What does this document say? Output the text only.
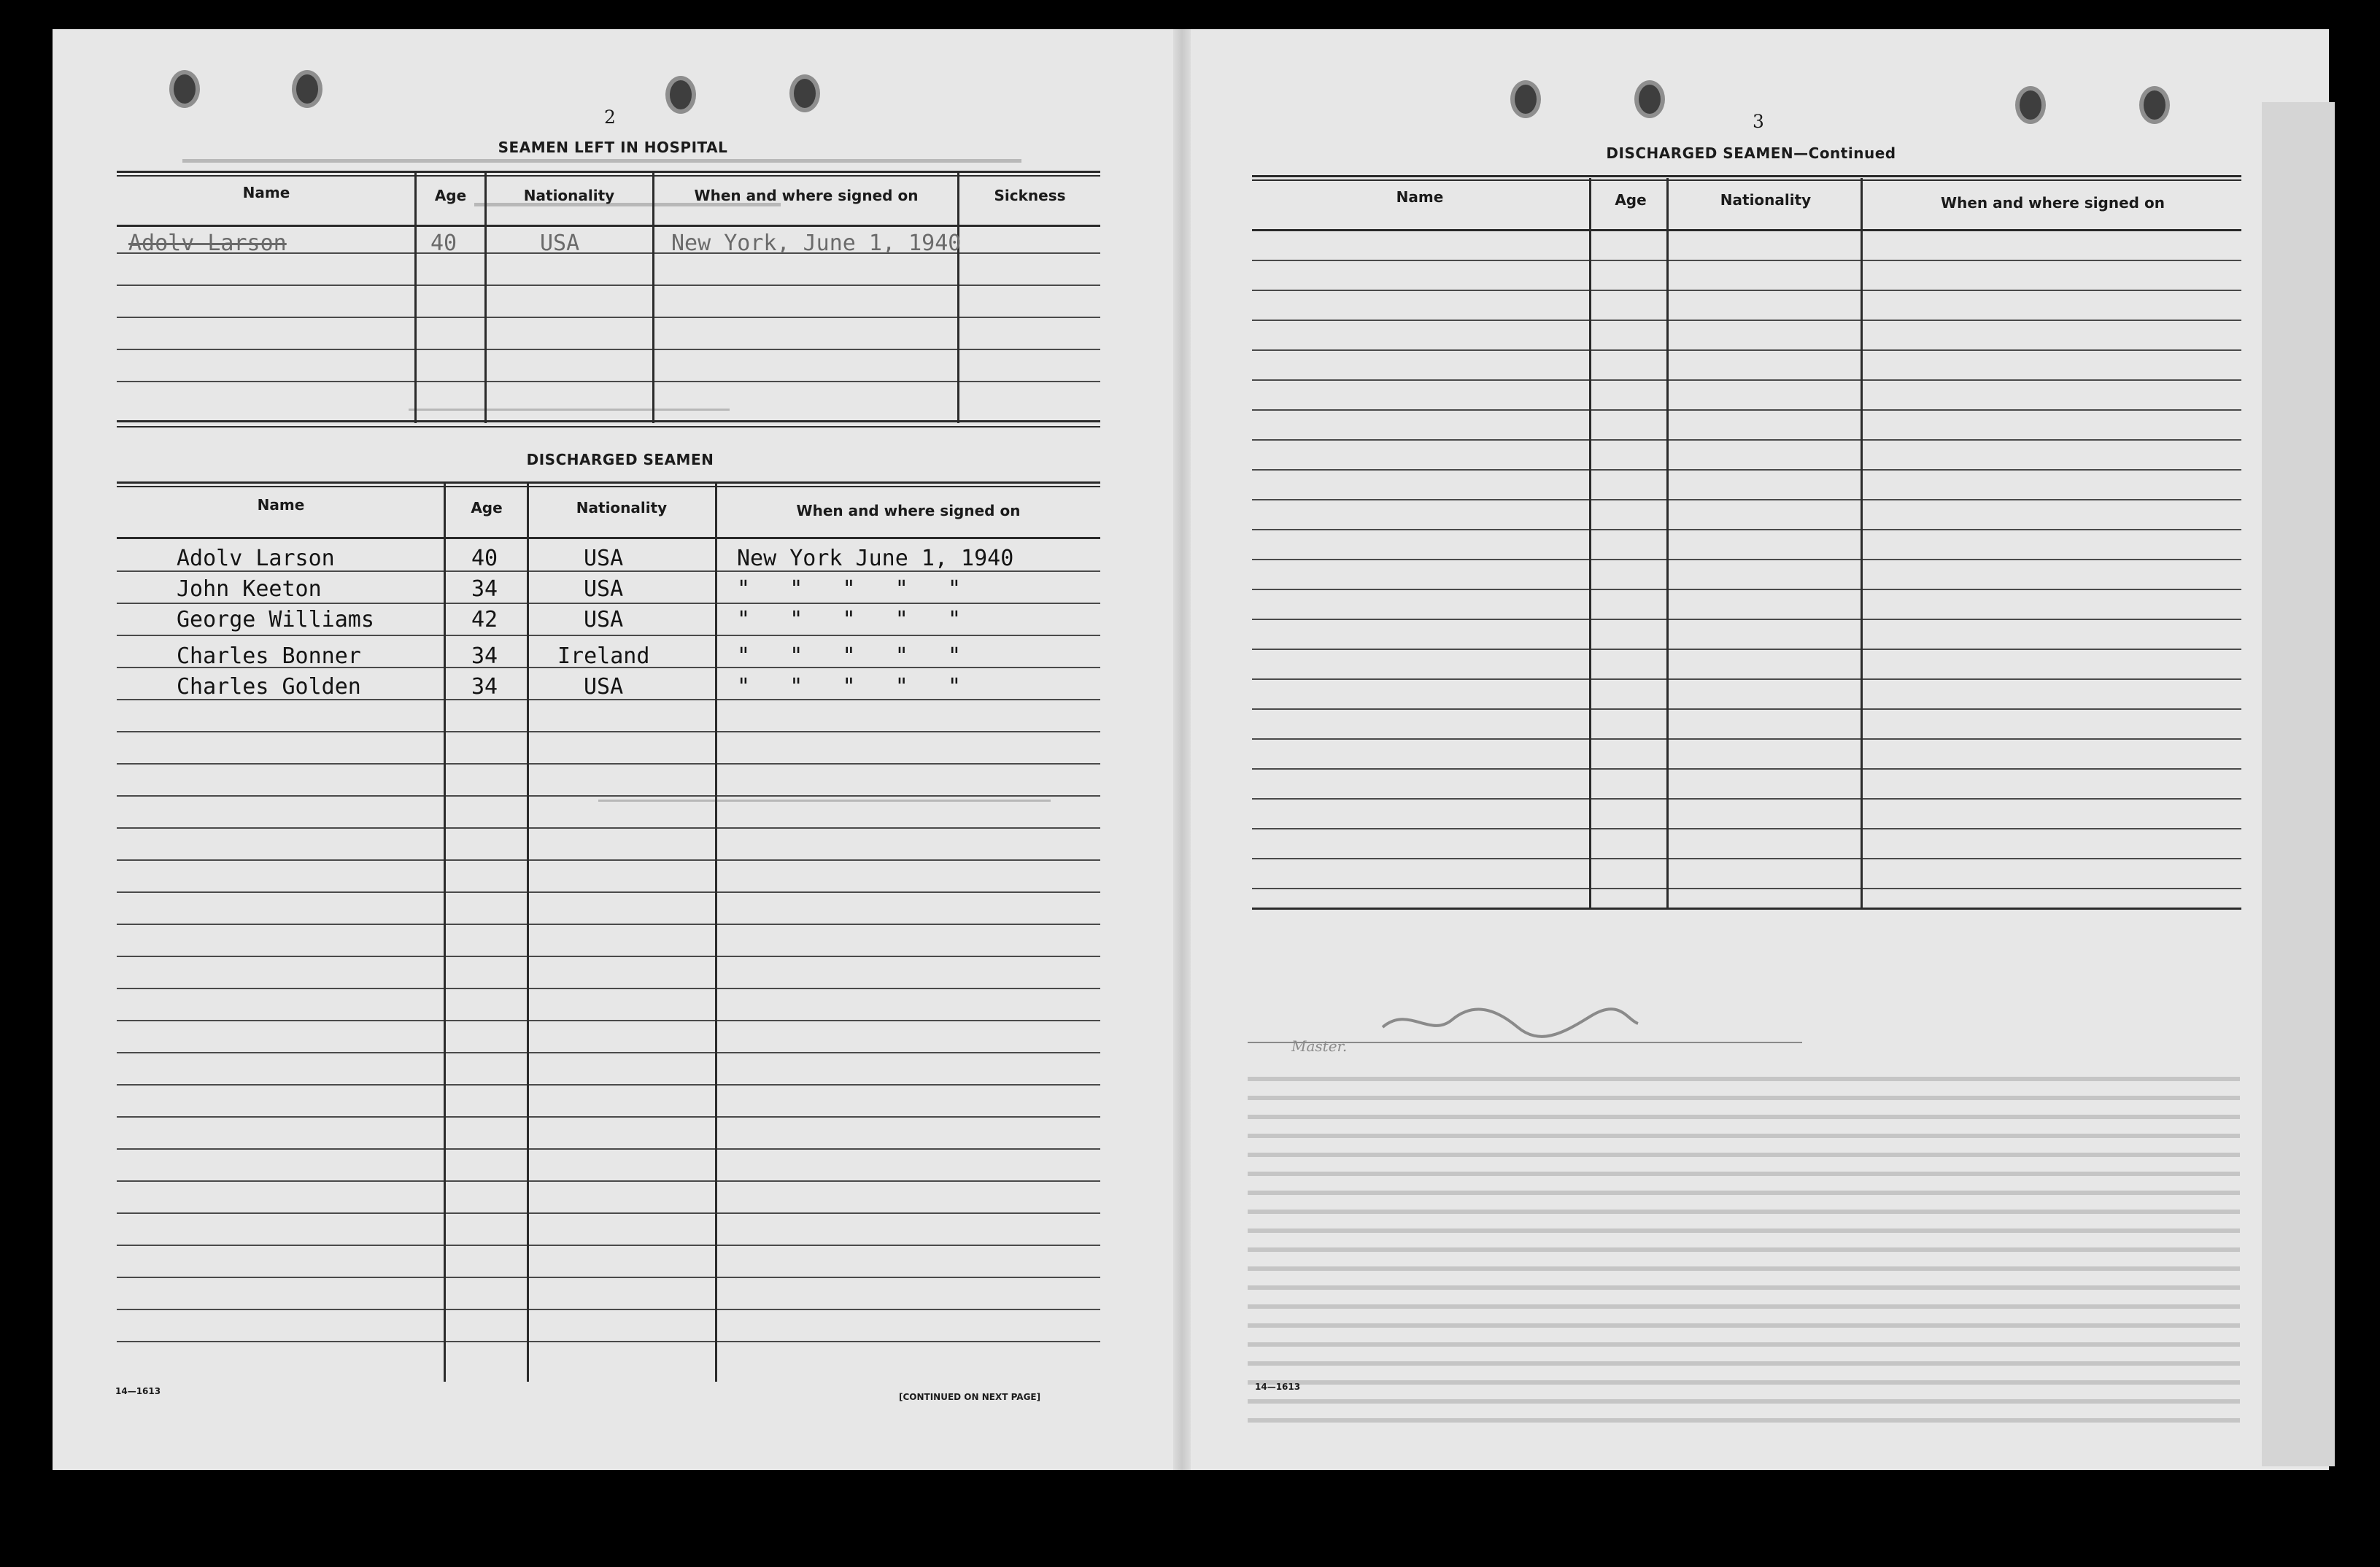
2
SEAMEN LEFT IN HOSPITAL
Name	Age	Nationality	When and where signed on	Sickness
Adolv Larson	40	USA	New York, June 1, 1940

DISCHARGED SEAMEN
Name	Age	Nationality	When and where signed on
Adolv Larson	40	USA	New York June 1, 1940
John Keeton	34	USA	"   "   "   "   "
George Williams	42	USA	"   "   "   "   "
Charles Bonner	34	Ireland	"   "   "   "   "
Charles Golden	34	USA	"   "   "   "   "
14—1613
[CONTINUED ON NEXT PAGE]
3
DISCHARGED SEAMEN—Continued
Name	Age	Nationality	When and where signed on
Master.
14—1613
